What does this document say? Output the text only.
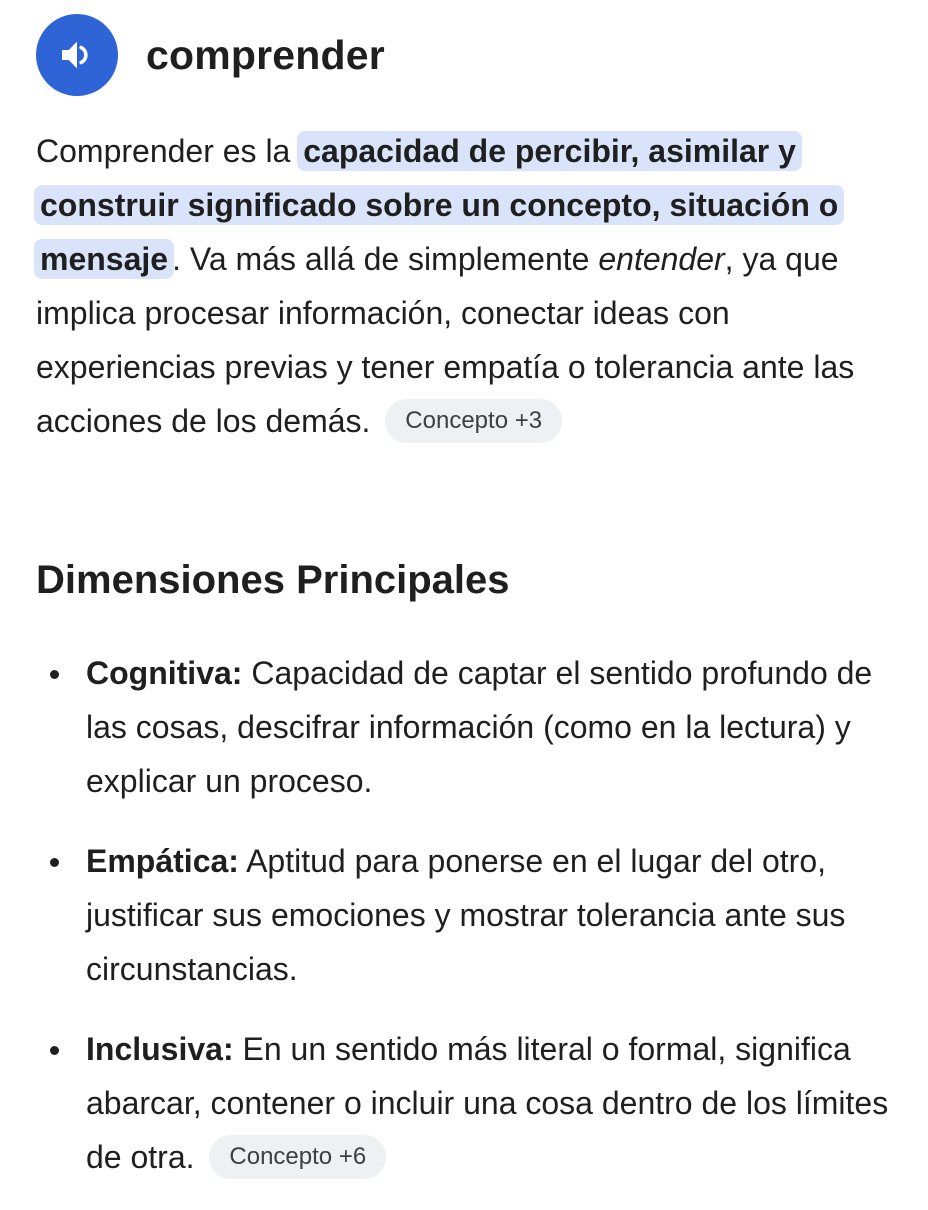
comprender
Comprender es la capacidad de percibir, asimilar y construir significado sobre un concepto, situación o mensaje . Va más allá de simplemente entender, ya que implica procesar información, conectar ideas con experiencias previas y tener empatía o tolerancia ante las acciones de los demás. Concepto +3
Dimensiones Principales
Cognitiva: Capacidad de captar el sentido profundo de las cosas, descifrar información (como en la lectura) y explicar un proceso.
Empática: Aptitud para ponerse en el lugar del otro, justificar sus emociones y mostrar tolerancia ante sus circunstancias.
Inclusiva: En un sentido más literal o formal, significa abarcar, contener o incluir una cosa dentro de los límites de otra. Concepto +6
